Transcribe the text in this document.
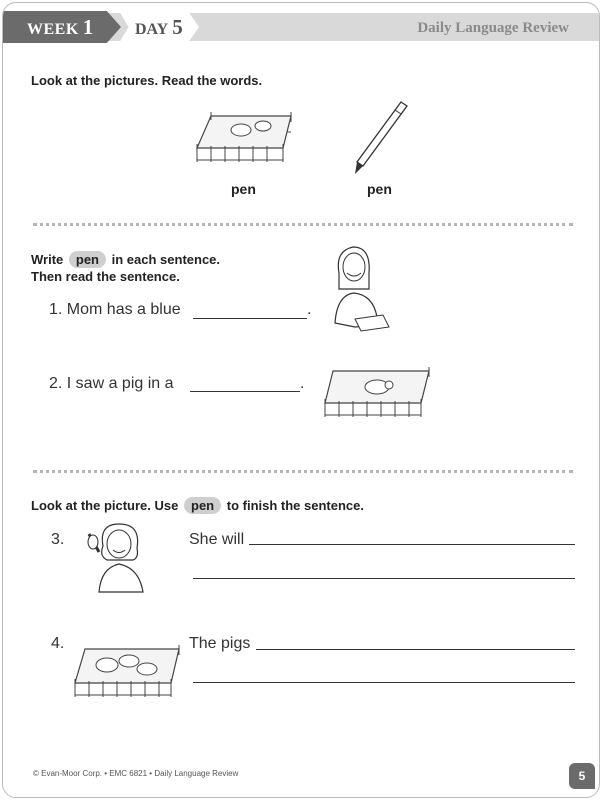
WEEK 1	DAY 5	Daily Language Review
Look at the pictures. Read the words.
pen	pen
Write pen in each sentence.
Then read the sentence.
1. Mom has a blue	.
2. I saw a pig in a	.
Look at the picture. Use pen to finish the sentence.
3.	She will
4.	The pigs
© Evan-Moor Corp. • EMC 6821 • Daily Language Review	5
